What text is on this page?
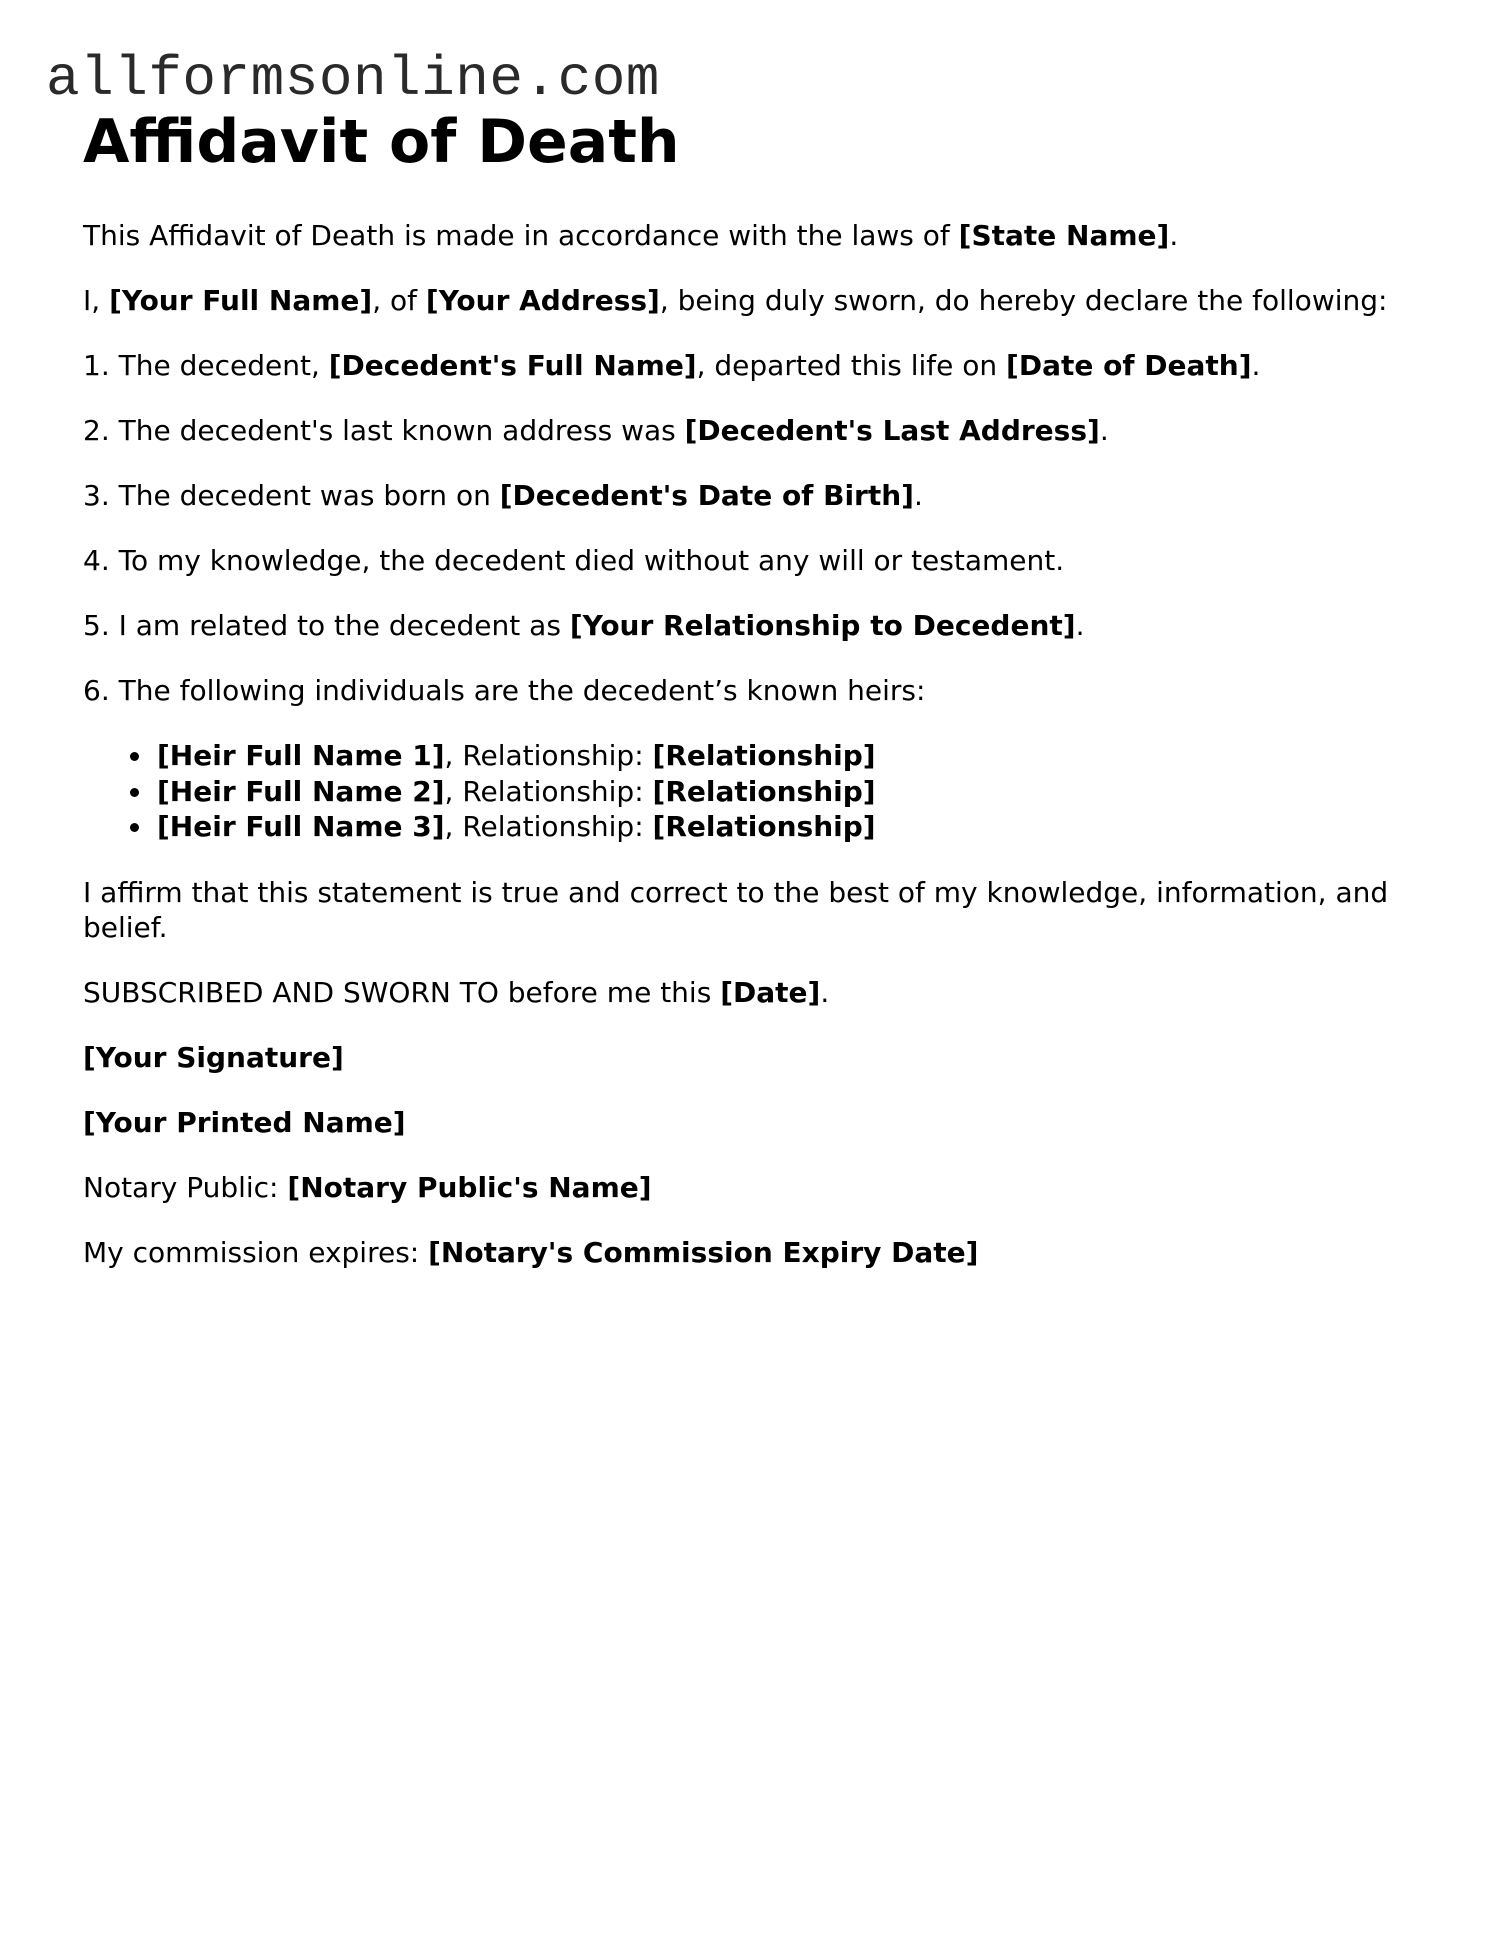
allformsonline.com
Affidavit of Death

This Affidavit of Death is made in accordance with the laws of [State Name].

I, [Your Full Name], of [Your Address], being duly sworn, do hereby declare the following:

1. The decedent, [Decedent's Full Name], departed this life on [Date of Death].

2. The decedent's last known address was [Decedent's Last Address].

3. The decedent was born on [Decedent's Date of Birth].

4. To my knowledge, the decedent died without any will or testament.

5. I am related to the decedent as [Your Relationship to Decedent].

6. The following individuals are the decedent’s known heirs:

[Heir Full Name 1], Relationship: [Relationship]
[Heir Full Name 2], Relationship: [Relationship]
[Heir Full Name 3], Relationship: [Relationship]

I affirm that this statement is true and correct to the best of my knowledge, information, and belief.

SUBSCRIBED AND SWORN TO before me this [Date].

[Your Signature]

[Your Printed Name]

Notary Public: [Notary Public's Name]

My commission expires: [Notary's Commission Expiry Date]
